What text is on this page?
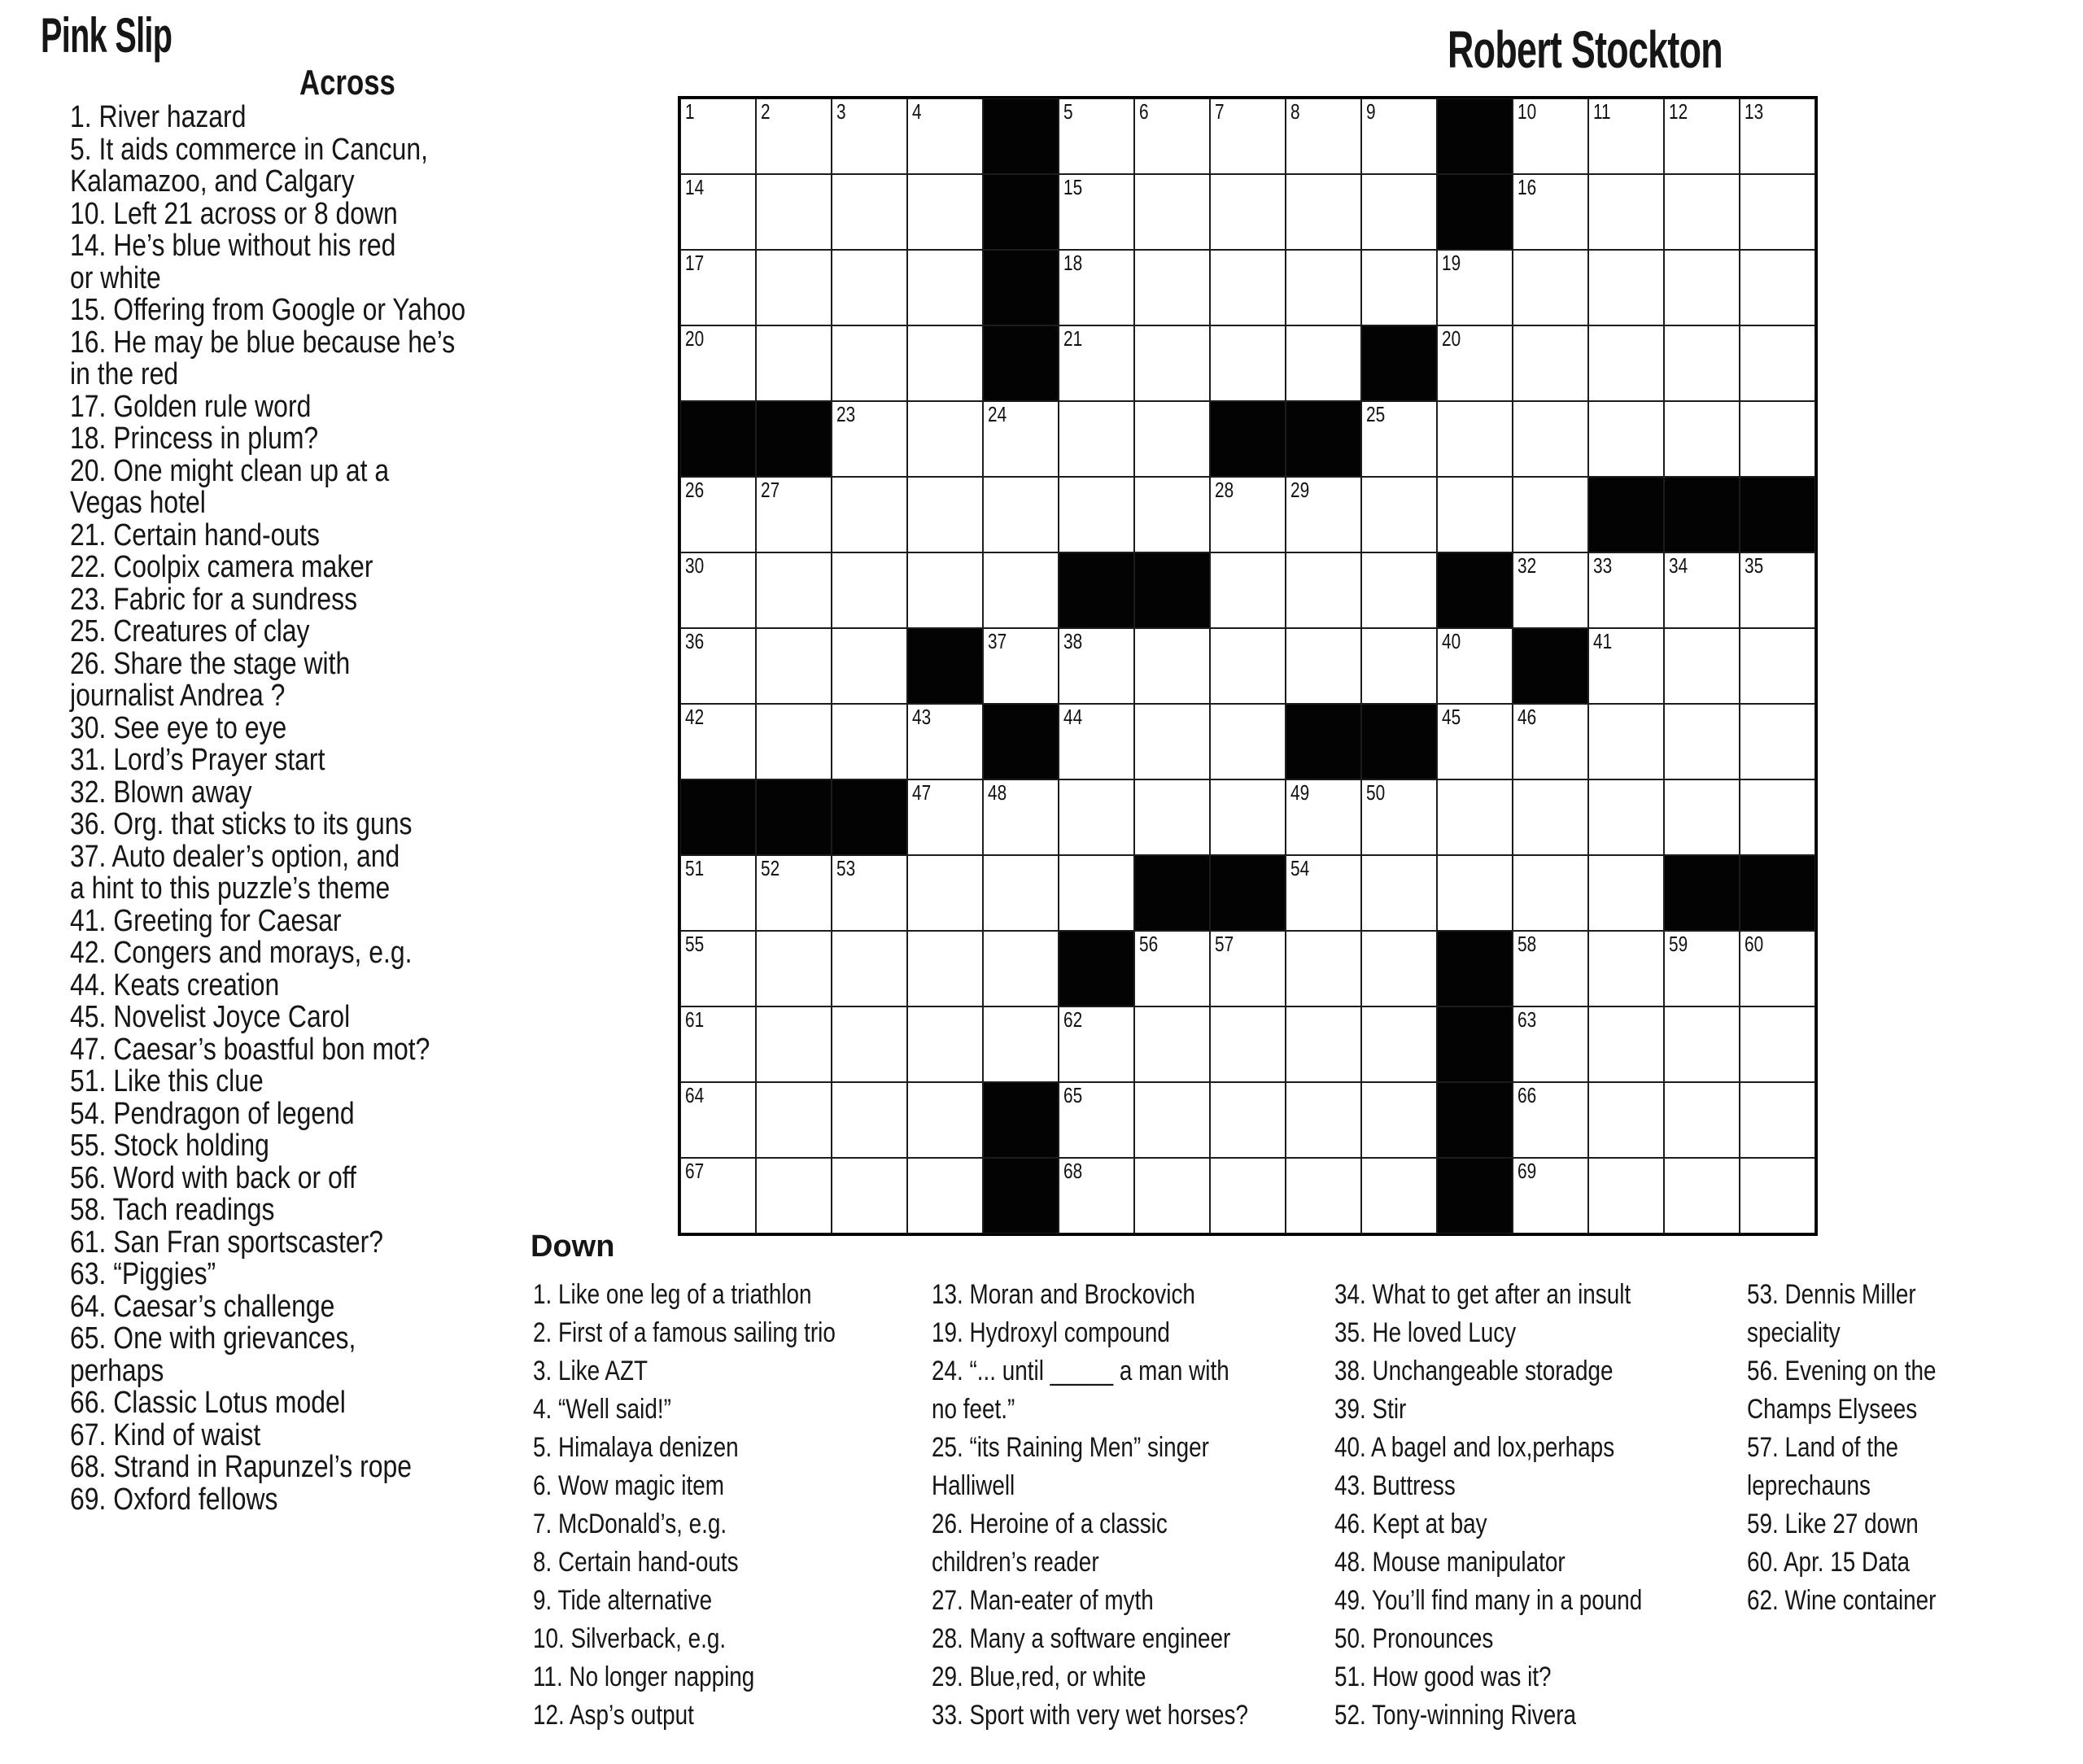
Pink Slip	Robert Stockton
Across
1. River hazard
5. It aids commerce in Cancun,
Kalamazoo, and Calgary
10. Left 21 across or 8 down
14. He’s blue without his red
or white
15. Offering from Google or Yahoo
16. He may be blue because he’s
in the red
17. Golden rule word
18. Princess in plum?
20. One might clean up at a
Vegas hotel
21. Certain hand-outs
22. Coolpix camera maker
23. Fabric for a sundress
25. Creatures of clay
26. Share the stage with
journalist Andrea ?
30. See eye to eye
31. Lord’s Prayer start
32. Blown away
36. Org. that sticks to its guns
37. Auto dealer’s option, and
a hint to this puzzle’s theme
41. Greeting for Caesar
42. Congers and morays, e.g.
44. Keats creation
45. Novelist Joyce Carol
47. Caesar’s boastful bon mot?
51. Like this clue
54. Pendragon of legend
55. Stock holding
56. Word with back or off
58. Tach readings
61. San Fran sportscaster?
63. “Piggies”
64. Caesar’s challenge
65. One with grievances,
perhaps
66. Classic Lotus model
67. Kind of waist
68. Strand in Rapunzel’s rope
69. Oxford fellows
1	2	3	4	5	6	7	8	9	10	11	12	13
14	15	16
17	18	19
20	21	20
23	24	25
26	27	28	29
30	32	33	34	35
36	37	38	40	41
42	43	44	45	46
47	48	49	50
51	52	53	54
55	56	57	58	59	60
61	62	63
64	65	66
67	68	69
Down
1. Like one leg of a triathlon
2. First of a famous sailing trio
3. Like AZT
4. “Well said!”
5. Himalaya denizen
6. Wow magic item
7. McDonald’s, e.g.
8. Certain hand-outs
9. Tide alternative
10. Silverback, e.g.
11. No longer napping
12. Asp’s output
13. Moran and Brockovich
19. Hydroxyl compound
24. “... until _____ a man with
no feet.”
25. “its Raining Men” singer
Halliwell
26. Heroine of a classic
children’s reader
27. Man-eater of myth
28. Many a software engineer
29. Blue,red, or white
33. Sport with very wet horses?
34. What to get after an insult
35. He loved Lucy
38. Unchangeable storadge
39. Stir
40. A bagel and lox,perhaps
43. Buttress
46. Kept at bay
48. Mouse manipulator
49. You’ll find many in a pound
50. Pronounces
51. How good was it?
52. Tony-winning Rivera
53. Dennis Miller
speciality
56. Evening on the
Champs Elysees
57. Land of the
leprechauns
59. Like 27 down
60. Apr. 15 Data
62. Wine container
